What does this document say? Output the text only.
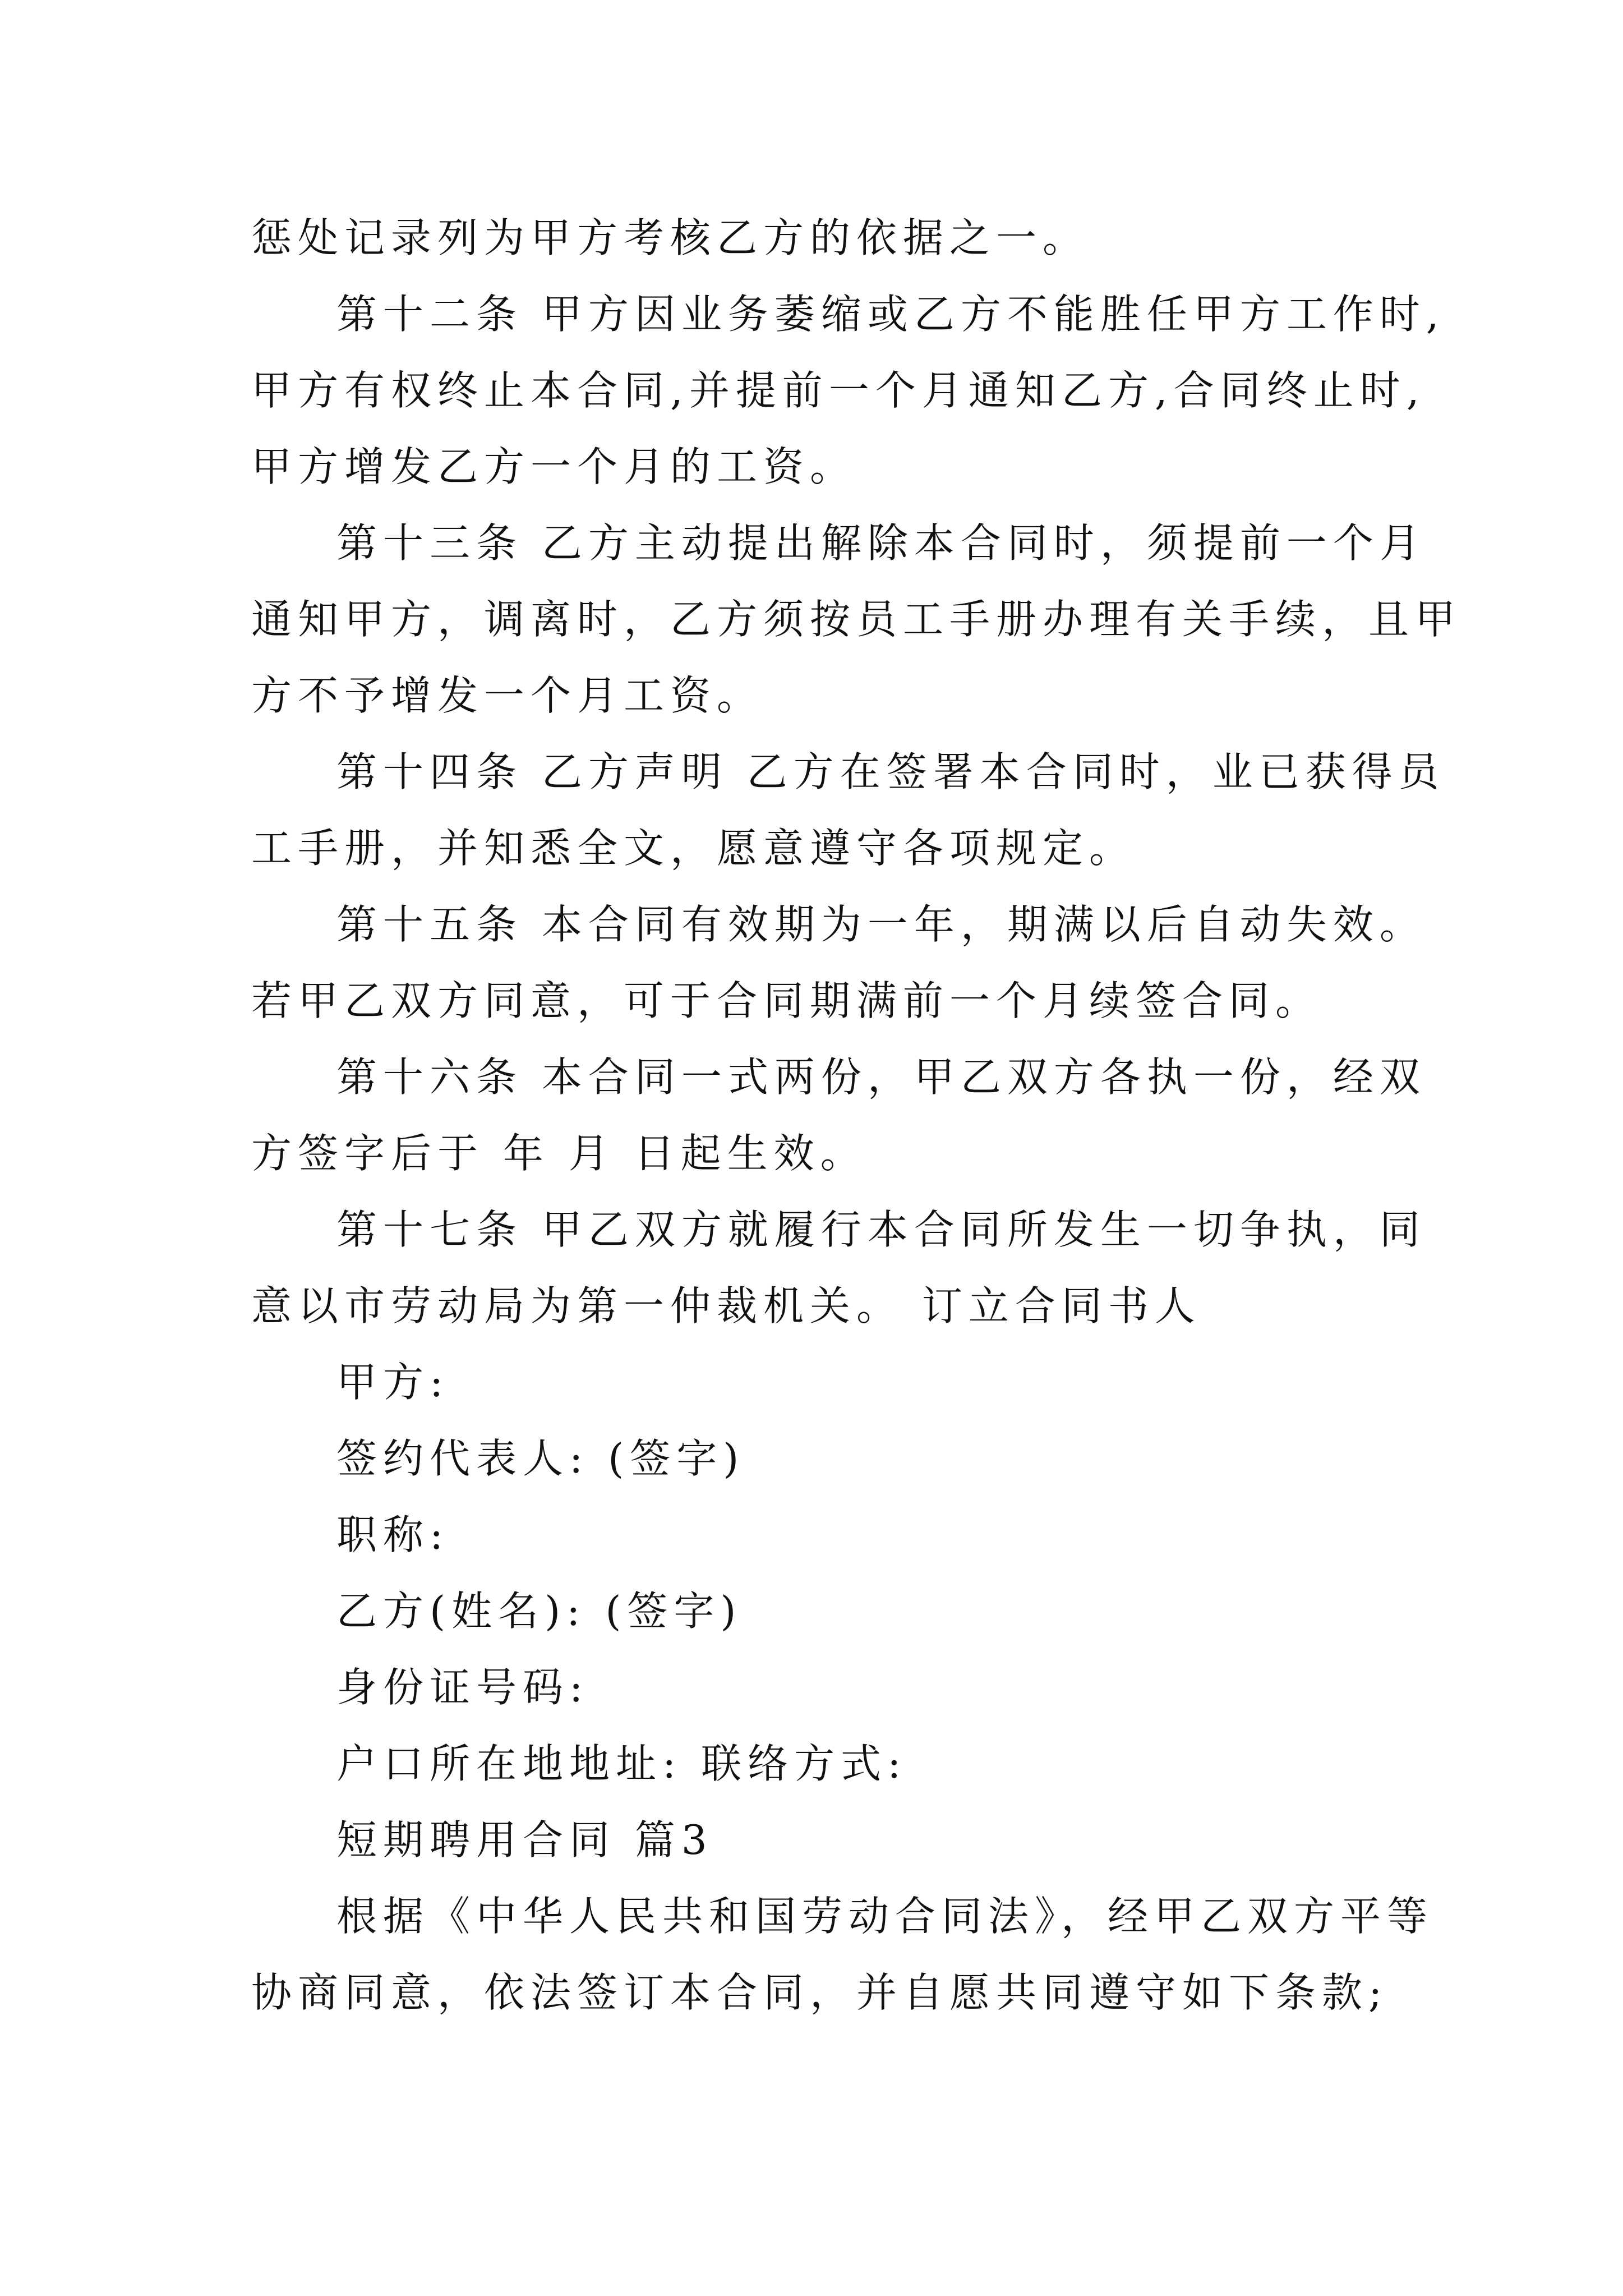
惩处记录列为甲方考核乙方的依据之一。
第十二条 甲方因业务萎缩或乙方不能胜任甲方工作时,
甲方有权终止本合同,并提前一个月通知乙方,合同终止时,
甲方增发乙方一个月的工资。
第十三条 乙方主动提出解除本合同时，须提前一个月
通知甲方，调离时，乙方须按员工手册办理有关手续，且甲
方不予增发一个月工资。
第十四条 乙方声明 乙方在签署本合同时，业已获得员
工手册，并知悉全文，愿意遵守各项规定。
第十五条 本合同有效期为一年，期满以后自动失效。
若甲乙双方同意，可于合同期满前一个月续签合同。
第十六条 本合同一式两份，甲乙双方各执一份，经双
方签字后于 年 月 日起生效。
第十七条 甲乙双方就履行本合同所发生一切争执，同
意以市劳动局为第一仲裁机关。 订立合同书人
甲方:
签约代表人: (签字)
职称:
乙方(姓名): (签字)
身份证号码:
户口所在地地址: 联络方式:
短期聘用合同 篇3
根据《中华人民共和国劳动合同法》，经甲乙双方平等
协商同意，依法签订本合同，并自愿共同遵守如下条款;
